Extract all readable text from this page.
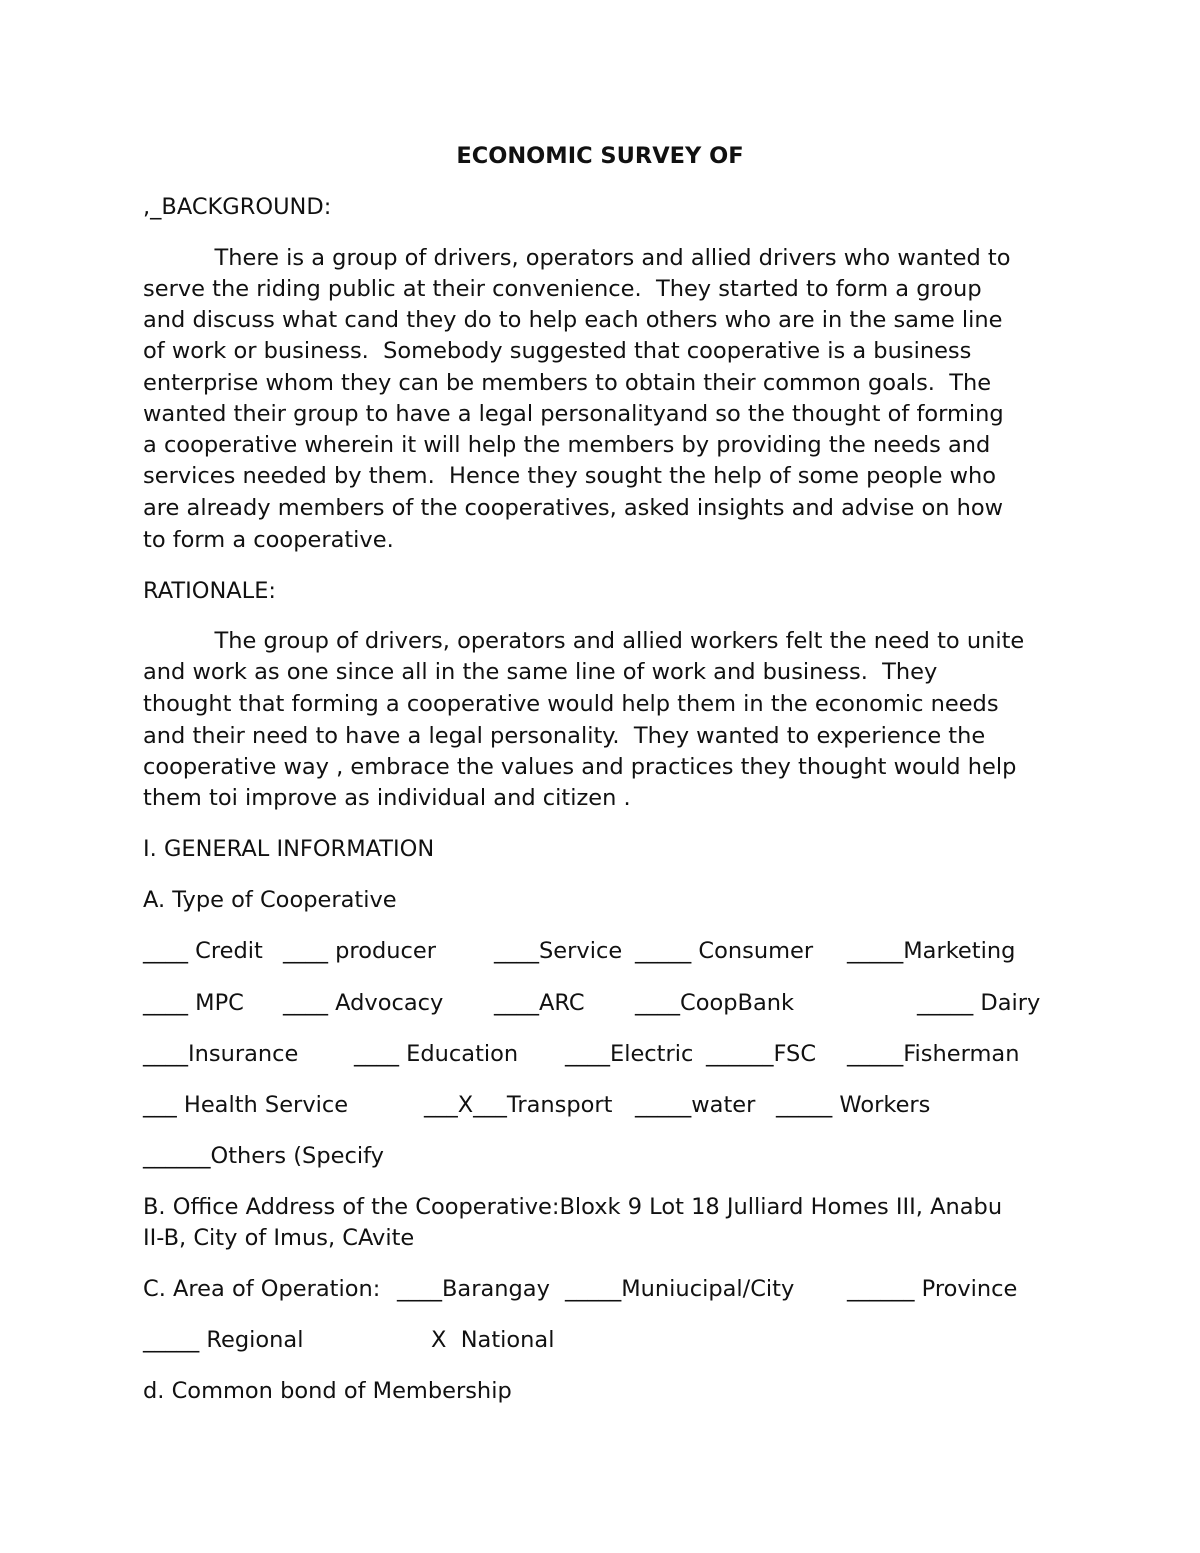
ECONOMIC SURVEY OF
,_BACKGROUND:
There is a group of drivers, operators and allied drivers who wanted to
serve the riding public at their convenience.  They started to form a group
and discuss what cand they do to help each others who are in the same line
of work or business.  Somebody suggested that cooperative is a business
enterprise whom they can be members to obtain their common goals.  The
wanted their group to have a legal personalityand so the thought of forming
a cooperative wherein it will help the members by providing the needs and
services needed by them.  Hence they sought the help of some people who
are already members of the cooperatives, asked insights and advise on how
to form a cooperative.
RATIONALE:
The group of drivers, operators and allied workers felt the need to unite
and work as one since all in the same line of work and business.  They
thought that forming a cooperative would help them in the economic needs
and their need to have a legal personality.  They wanted to experience the
cooperative way , embrace the values and practices they thought would help
them toi improve as individual and citizen .
I. GENERAL INFORMATION
A. Type of Cooperative
____ Credit ____ producer	____Service _____ Consumer _____Marketing
____ MPC ____ Advocacy ____ARC ____CoopBank	_____ Dairy
____Insurance ____ Education ____Electric ______FSC _____Fisherman
___ Health Service	___X___Transport _____water _____ Workers
______Others (Specify
B. Office Address of the Cooperative:Bloxk 9 Lot 18 Julliard Homes III, Anabu
II-B, City of Imus, CAvite
C. Area of Operation: ____Barangay _____Muniucipal/City ______ Province
_____ Regional	X  National
d. Common bond of Membership
